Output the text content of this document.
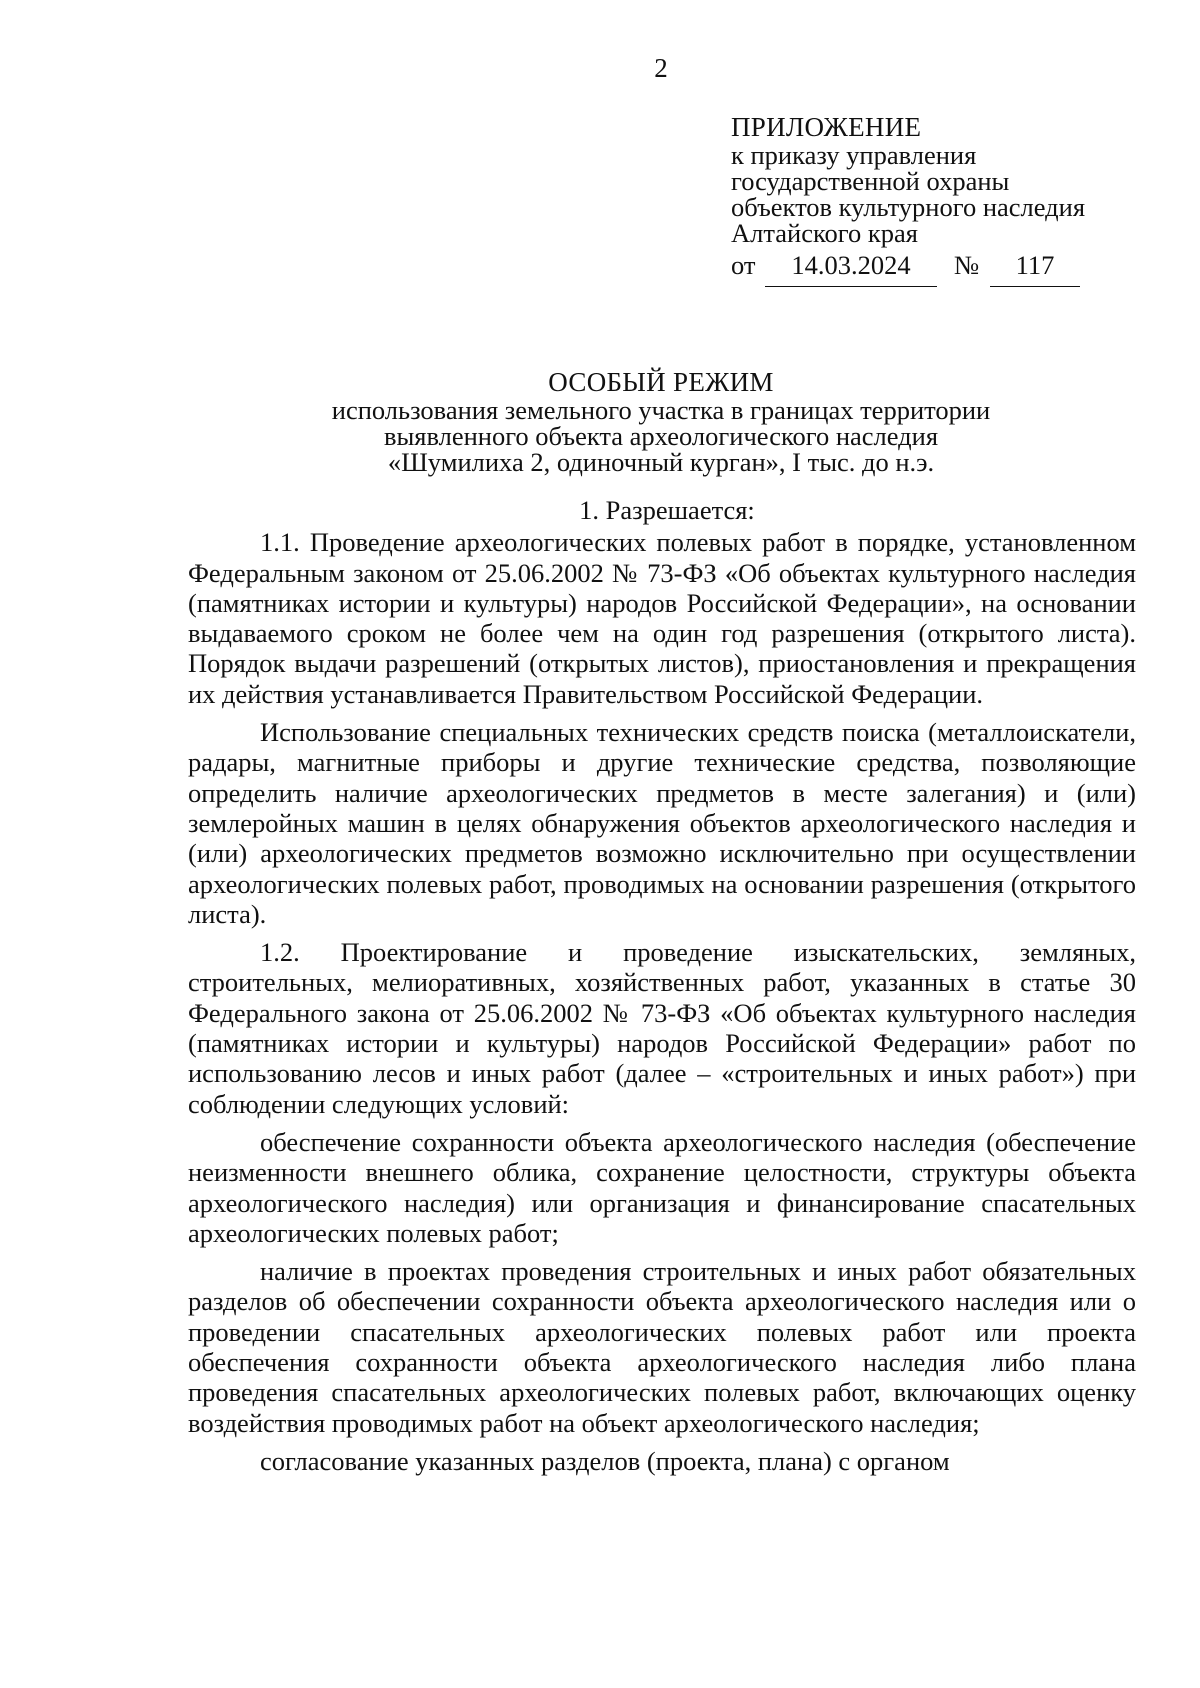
2
ПРИЛОЖЕНИЕ
к приказу управления
государственной охраны
объектов культурного наследия
Алтайского края
от	14.03.2024	№	117
ОСОБЫЙ РЕЖИМ
использования земельного участка в границах территории
выявленного объекта археологического наследия
«Шумилиха 2, одиночный курган», I тыс. до н.э.
1. Разрешается:

1.1. Проведение археологических полевых работ в порядке, установленном Федеральным законом от 25.06.2002 № 73-ФЗ «Об объектах культурного наследия (памятниках истории и культуры) народов Российской Федерации», на основании выдаваемого сроком не более чем на один год разрешения (открытого листа). Порядок выдачи разрешений (открытых листов), приостановления и прекращения их действия устанавливается Правительством Российской Федерации.

Использование специальных технических средств поиска (металлоискатели, радары, магнитные приборы и другие технические средства, позволяющие определить наличие археологических предметов в месте залегания) и (или) землеройных машин в целях обнаружения объектов археологического наследия и (или) археологических предметов возможно исключительно при осуществлении археологических полевых работ, проводимых на основании разрешения (открытого листа).

1.2. Проектирование и проведение изыскательских, земляных, строительных, мелиоративных, хозяйственных работ, указанных в статье 30 Федерального закона от 25.06.2002 № 73-ФЗ «Об объектах культурного наследия (памятниках истории и культуры) народов Российской Федерации» работ по использованию лесов и иных работ (далее – «строительных и иных работ») при соблюдении следующих условий:

обеспечение сохранности объекта археологического наследия (обеспечение неизменности внешнего облика, сохранение целостности, структуры объекта археологического наследия) или организация и финансирование спасательных археологических полевых работ;

наличие в проектах проведения строительных и иных работ обязательных разделов об обеспечении сохранности объекта археологического наследия или о проведении спасательных археологических полевых работ или проекта обеспечения сохранности объекта археологического наследия либо плана проведения спасательных археологических полевых работ, включающих оценку воздействия проводимых работ на объект археологического наследия;

согласование указанных разделов (проекта, плана) с органом
